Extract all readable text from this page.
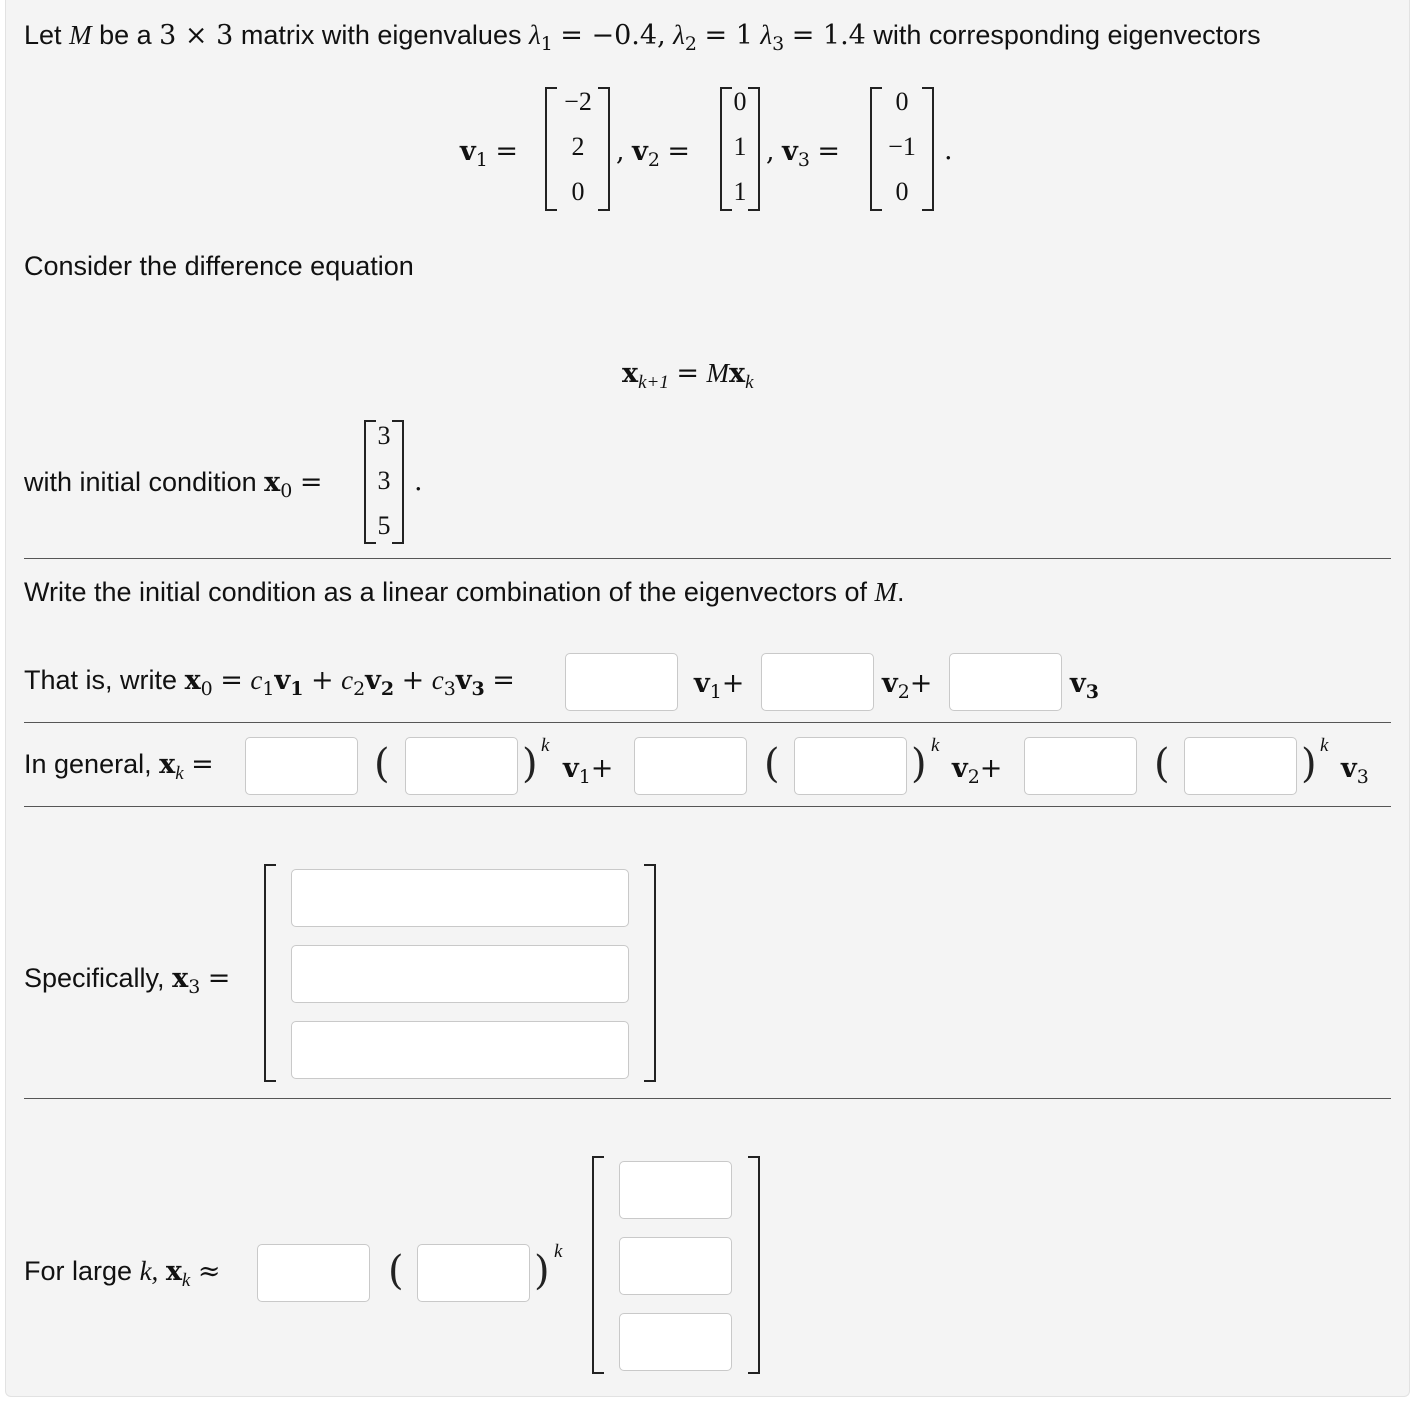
Let M be a 3 × 3 matrix with eigenvalues $\lambda_1 = -0.4$, $\lambda_2 = 1$ $\lambda_3 = 1.4$ with corresponding eigenvectors
$v_1$ =
−2
2
0
, $v_2$ =
0
1
1
, $v_3$ =
0
−1
0
.
Consider the difference equation
$x_{k+1} = Mx_k$
with initial condition $x_0$ =
3
3
5
.
Write the initial condition as a linear combination of the eigenvectors of M.
That is, write $x_0 = c_1v_1 + c_2v_2 + c_3v_3$ =	$v_1+$	$v_2+$	$v_3$
In general, $x_k$ =	(	) k
$v_1+$	(	) k
$v_2+$	(	) k
$v_3$
Specifically, $x_3$ =
For large k, $x_k$ ≈	(	) k
